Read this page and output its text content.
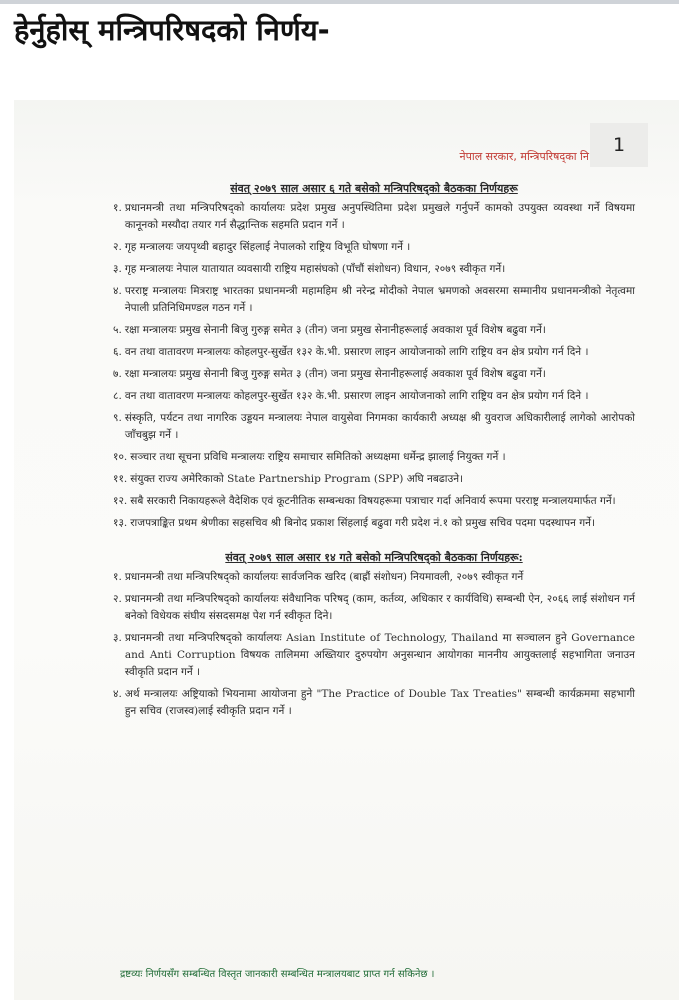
हेर्नुहोस् मन्त्रिपरिषदको निर्णय-
1
नेपाल सरकार, मन्त्रिपरिषद्का नि
संवत् २०७९ साल असार ६ गते बसेको मन्त्रिपरिषद्को बैठकका निर्णयहरू
१. प्रधानमन्त्री तथा मन्त्रिपरिषद्को कार्यालयः प्रदेश प्रमुख अनुपस्थितिमा प्रदेश प्रमुखले गर्नुपर्ने कामको उपयुक्त व्यवस्था गर्ने विषयमा कानूनको मस्यौदा तयार गर्न सैद्धान्तिक सहमति प्रदान गर्ने ।
२. गृह मन्त्रालयः जयपृथ्वी बहादुर सिंहलाई नेपालको राष्ट्रिय विभूति घोषणा गर्ने ।
३. गृह मन्त्रालयः नेपाल यातायात व्यवसायी राष्ट्रिय महासंघको (पाँचौं संशोधन) विधान, २०७९ स्वीकृत गर्ने।
४. परराष्ट्र मन्त्रालयः मित्रराष्ट्र भारतका प्रधानमन्त्री महामहिम श्री नरेन्द्र मोदीको नेपाल भ्रमणको अवसरमा सम्मानीय प्रधानमन्त्रीको नेतृत्वमा नेपाली प्रतिनिधिमण्डल गठन गर्ने ।
५. रक्षा मन्त्रालयः प्रमुख सेनानी बिजु गुरुङ्ग समेत ३ (तीन) जना प्रमुख सेनानीहरूलाई अवकाश पूर्व विशेष बढुवा गर्ने।
६. वन तथा वातावरण मन्त्रालयः कोहलपुर-सुर्खेत १३२ के.भी. प्रसारण लाइन आयोजनाको लागि राष्ट्रिय वन क्षेत्र प्रयोग गर्न दिने ।
७. रक्षा मन्त्रालयः प्रमुख सेनानी बिजु गुरुङ्ग समेत ३ (तीन) जना प्रमुख सेनानीहरूलाई अवकाश पूर्व विशेष बढुवा गर्ने।
८. वन तथा वातावरण मन्त्रालयः कोहलपुर-सुर्खेत १३२ के.भी. प्रसारण लाइन आयोजनाको लागि राष्ट्रिय वन क्षेत्र प्रयोग गर्न दिने ।
९. संस्कृति, पर्यटन तथा नागरिक उड्डयन मन्त्रालयः नेपाल वायुसेवा निगमका कार्यकारी अध्यक्ष श्री युवराज अधिकारीलाई लागेको आरोपको जाँचबुझ गर्ने ।
१०. सञ्चार तथा सूचना प्रविधि मन्त्रालयः राष्ट्रिय समाचार समितिको अध्यक्षमा धर्मेन्द्र झालाई नियुक्त गर्ने ।
११. संयुक्त राज्य अमेरिकाको State Partnership Program (SPP) अघि नबढाउने।
१२. सबै सरकारी निकायहरूले वैदेशिक एवं कूटनीतिक सम्बन्धका विषयहरूमा पत्राचार गर्दा अनिवार्य रूपमा परराष्ट्र मन्त्रालयमार्फत गर्ने।
१३. राजपत्राङ्कित प्रथम श्रेणीका सहसचिव श्री बिनोद प्रकाश सिंहलाई बढुवा गरी प्रदेश नं.१ को प्रमुख सचिव पदमा पदस्थापन गर्ने।
संवत् २०७९ साल असार १४ गते बसेको मन्त्रिपरिषद्को बैठकका निर्णयहरू:
१. प्रधानमन्त्री तथा मन्त्रिपरिषद्को कार्यालयः सार्वजनिक खरिद (बाह्रौं संशोधन) नियमावली, २०७९ स्वीकृत गर्ने
२. प्रधानमन्त्री तथा मन्त्रिपरिषद्को कार्यालयः संवैधानिक परिषद् (काम, कर्तव्य, अधिकार र कार्यविधि) सम्बन्धी ऐन, २०६६ लाई संशोधन गर्न बनेको विधेयक संघीय संसदसमक्ष पेश गर्न स्वीकृत दिने।
३. प्रधानमन्त्री तथा मन्त्रिपरिषद्को कार्यालयः Asian Institute of Technology, Thailand मा सञ्चालन हुने Governance and Anti Corruption विषयक तालिममा अख्तियार दुरुपयोग अनुसन्धान आयोगका माननीय आयुक्तलाई सहभागिता जनाउन स्वीकृति प्रदान गर्ने ।
४. अर्थ मन्त्रालयः अष्ट्रियाको भियनामा आयोजना हुने "The Practice of Double Tax Treaties" सम्बन्धी कार्यक्रममा सहभागी हुन सचिव (राजस्व)लाई स्वीकृति प्रदान गर्ने ।
द्रष्टव्यः निर्णयसँग सम्बन्धित विस्तृत जानकारी सम्बन्धित मन्त्रालयबाट प्राप्त गर्न सकिनेछ ।
